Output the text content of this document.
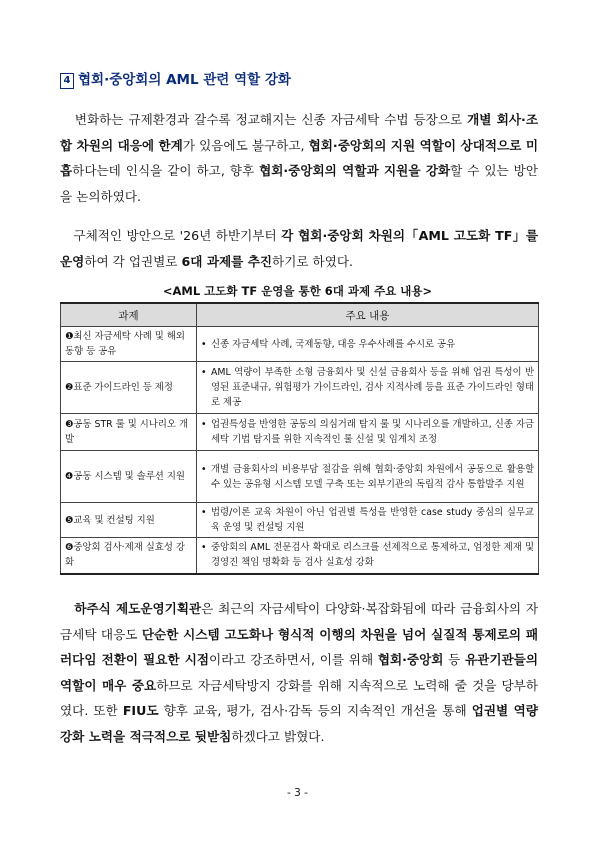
4 협회·중앙회의 AML 관련 역할 강화
변화하는 규제환경과 갈수록 정교해지는 신종 자금세탁 수법 등장으로 개별 회사·조합 차원의 대응에 한계가 있음에도 불구하고, 협회·중앙회의 지원 역할이 상대적으로 미흡하다는데 인식을 같이 하고, 향후 협회·중앙회의 역할과 지원을 강화할 수 있는 방안을 논의하였다.
구체적인 방안으로 '26년 하반기부터 각 협회·중앙회 차원의「AML 고도화 TF」를 운영하여 각 업권별로 6대 과제를 추진하기로 하였다.
<AML 고도화 TF 운영을 통한 6대 과제 주요 내용>
과제	주요 내용
❶최신 자금세탁 사례 및 해외동향 등 공유	• 신종 자금세탁 사례, 국제동향, 대응 우수사례를 수시로 공유

❷표준 가이드라인 등 제정	• AML 역량이 부족한 소형 금융회사 및 신설 금융회사 등을 위해 업권 특성이 반영된 표준내규, 위험평가 가이드라인, 검사 지적사례 등을 표준 가이드라인 형태로 제공

❸공동 STR 룰 및 시나리오 개발	• 업권특성을 반영한 공동의 의심거래 탐지 룰 및 시나리오를 개발하고, 신종 자금세탁 기법 탐지를 위한 지속적인 룰 신설 및 임계치 조정

❹공동 시스템 및 솔루션 지원	• 개별 금융회사의 비용부담 절감을 위해 협회·중앙회 차원에서 공동으로 활용할 수 있는 공유형 시스템 모델 구축 또는 외부기관의 독립적 감사 통합발주 지원

❺교육 및 컨설팅 지원	• 법령/이론 교육 차원이 아닌 업권별 특성을 반영한 case study 중심의 실무교육 운영 및 컨설팅 지원

❻중앙회 검사·제재 실효성 강화	• 중앙회의 AML 전문검사 확대로 리스크를 선제적으로 통제하고, 엄정한 제재 및 경영진 책임 명확화 등 검사 실효성 강화
하주식 제도운영기획관은 최근의 자금세탁이 다양화·복잡화됨에 따라 금융회사의 자금세탁 대응도 단순한 시스템 고도화나 형식적 이행의 차원을 넘어 실질적 통제로의 패러다임 전환이 필요한 시점이라고 강조하면서, 이를 위해 협회·중앙회 등 유관기관들의 역할이 매우 중요하므로 자금세탁방지 강화를 위해 지속적으로 노력해 줄 것을 당부하였다. 또한 FIU도 향후 교육, 평가, 검사·감독 등의 지속적인 개선을 통해 업권별 역량 강화 노력을 적극적으로 뒷받침하겠다고 밝혔다.
- 3 -
